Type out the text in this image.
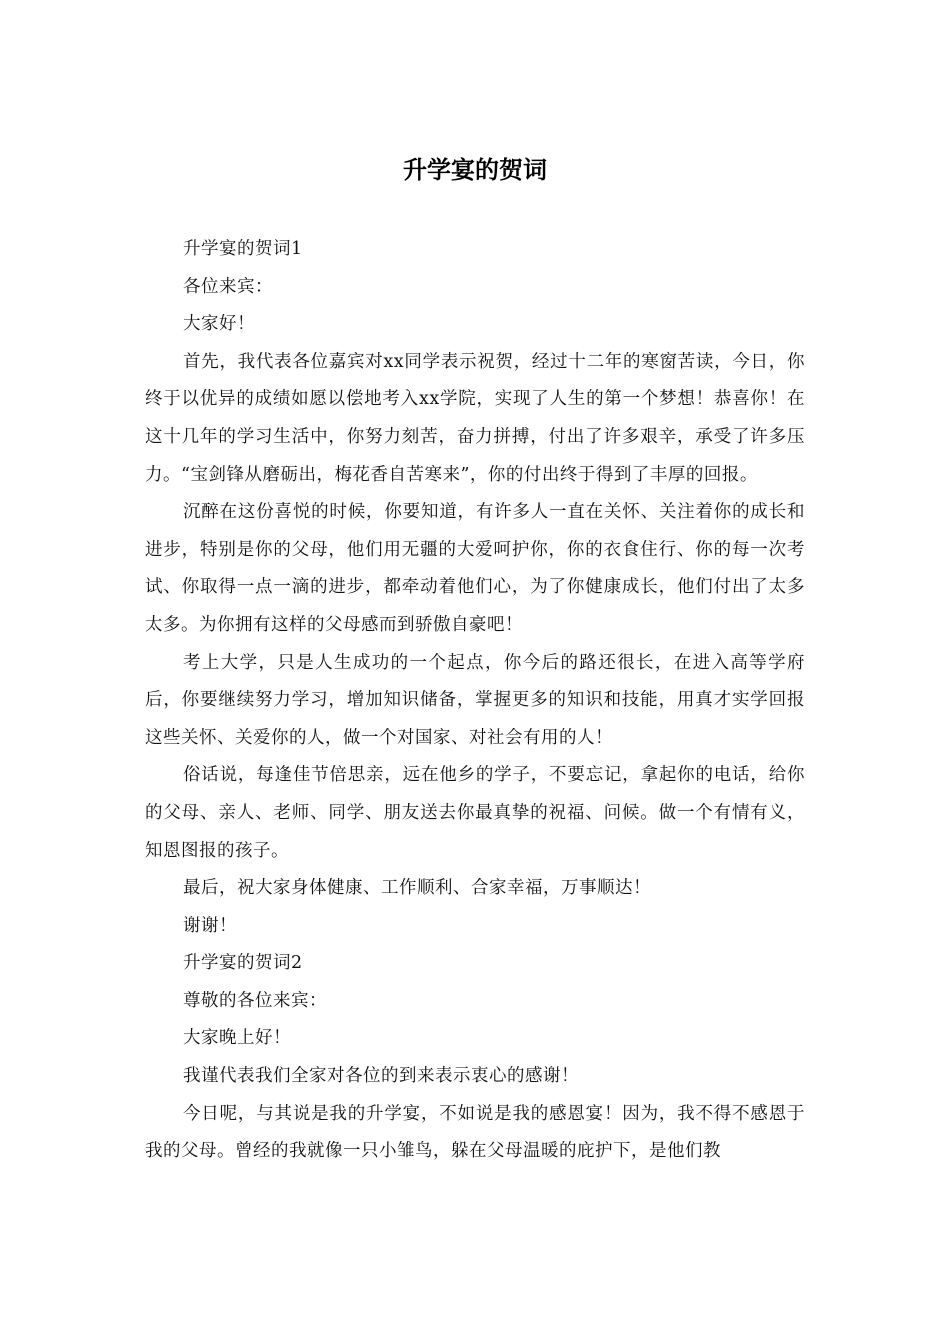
升学宴的贺词

升学宴的贺词1

各位来宾：

大家好！

首先，我代表各位嘉宾对xx同学表示祝贺，经过十二年的寒窗苦读，今日，你终于以优异的成绩如愿以偿地考入xx学院，实现了人生的第一个梦想！恭喜你！在这十几年的学习生活中，你努力刻苦，奋力拼搏，付出了许多艰辛，承受了许多压力。“宝剑锋从磨砺出，梅花香自苦寒来”，你的付出终于得到了丰厚的回报。

沉醉在这份喜悦的时候，你要知道，有许多人一直在关怀、关注着你的成长和进步，特别是你的父母，他们用无疆的大爱呵护你，你的衣食住行、你的每一次考试、你取得一点一滴的进步，都牵动着他们心，为了你健康成长，他们付出了太多太多。为你拥有这样的父母感而到骄傲自豪吧！

考上大学，只是人生成功的一个起点，你今后的路还很长，在进入高等学府后，你要继续努力学习，增加知识储备，掌握更多的知识和技能，用真才实学回报这些关怀、关爱你的人，做一个对国家、对社会有用的人！

俗话说，每逢佳节倍思亲，远在他乡的学子，不要忘记，拿起你的电话，给你的父母、亲人、老师、同学、朋友送去你最真挚的祝福、问候。做一个有情有义，知恩图报的孩子。

最后，祝大家身体健康、工作顺利、合家幸福，万事顺达！

谢谢！

升学宴的贺词2

尊敬的各位来宾：

大家晚上好！

我谨代表我们全家对各位的到来表示衷心的感谢！

今日呢，与其说是我的升学宴，不如说是我的感恩宴！因为，我不得不感恩于我的父母。曾经的我就像一只小雏鸟，躲在父母温暖的庇护下，是他们教
